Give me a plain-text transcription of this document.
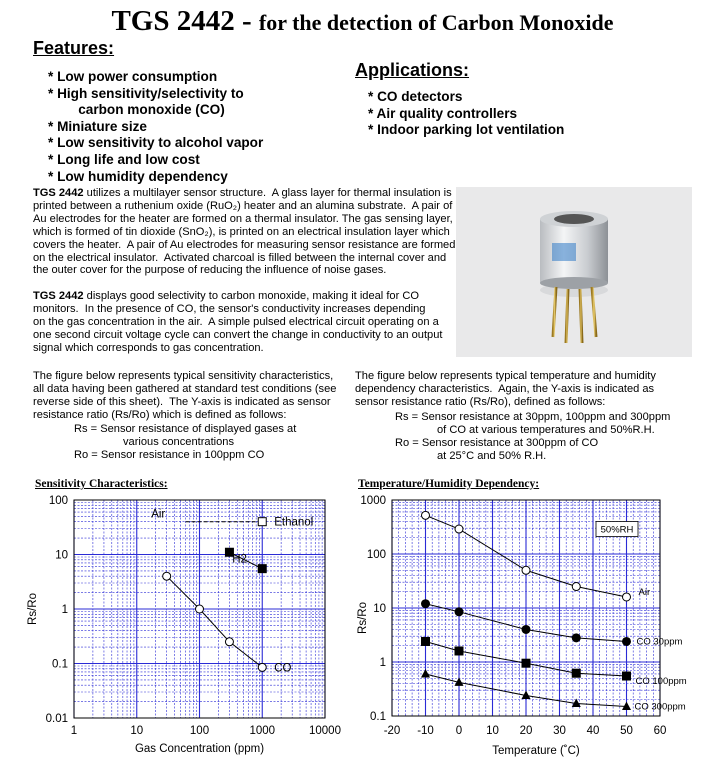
TGS 2442 - for the detection of Carbon Monoxide
Features:
* Low power consumption
* High sensitivity/selectivity to
carbon monoxide (CO)
* Miniature size
* Low sensitivity to alcohol vapor
* Long life and low cost
* Low humidity dependency
Applications:
* CO detectors
* Air quality controllers
* Indoor parking lot ventilation
TGS 2442 utilizes a multilayer sensor structure.  A glass layer for thermal insulation is
printed between a ruthenium oxide (RuO₂) heater and an alumina substrate.  A pair of
Au electrodes for the heater are formed on a thermal insulator. The gas sensing layer,
which is formed of tin dioxide (SnO₂), is printed on an electrical insulation layer which
covers the heater.  A pair of Au electrodes for measuring sensor resistance are formed
on the electrical insulator.  Activated charcoal is filled between the internal cover and
the outer cover for the purpose of reducing the influence of noise gases.
TGS 2442 displays good selectivity to carbon monoxide, making it ideal for CO
monitors.  In the presence of CO, the sensor's conductivity increases depending
on the gas concentration in the air.  A simple pulsed electrical circuit operating on a
one second circuit voltage cycle can convert the change in conductivity to an output
signal which corresponds to gas concentration.
The figure below represents typical sensitivity characteristics,
all data having been gathered at standard test conditions (see
reverse side of this sheet).  The Y-axis is indicated as sensor
resistance ratio (Rs/Ro) which is defined as follows:
Rs = Sensor resistance of displayed gases at
various concentrations
Ro = Sensor resistance in 100ppm CO
The figure below represents typical temperature and humidity
dependency characteristics.  Again, the Y-axis is indicated as
sensor resistance ratio (Rs/Ro), defined as follows:
Rs = Sensor resistance at 30ppm, 100ppm and 300ppm
of CO at various temperatures and 50%R.H.
Ro = Sensor resistance at 300ppm of CO
at 25°C and 50% R.H.
Sensitivity Characteristics:	Temperature/Humidity Dependency:
1	10	100	1000	10000
100
10
1
0.1
0.01
Gas Concentration (ppm)
Rs/Ro
Air
Ethanol
H2
CO
-20 -10 0 10 20 30 40 50 60
1000
100
10
1
0.1
Temperature (˚C)
Rs/Ro
50%RH
Air
CO 30ppm
CO 100ppm
CO 300ppm
